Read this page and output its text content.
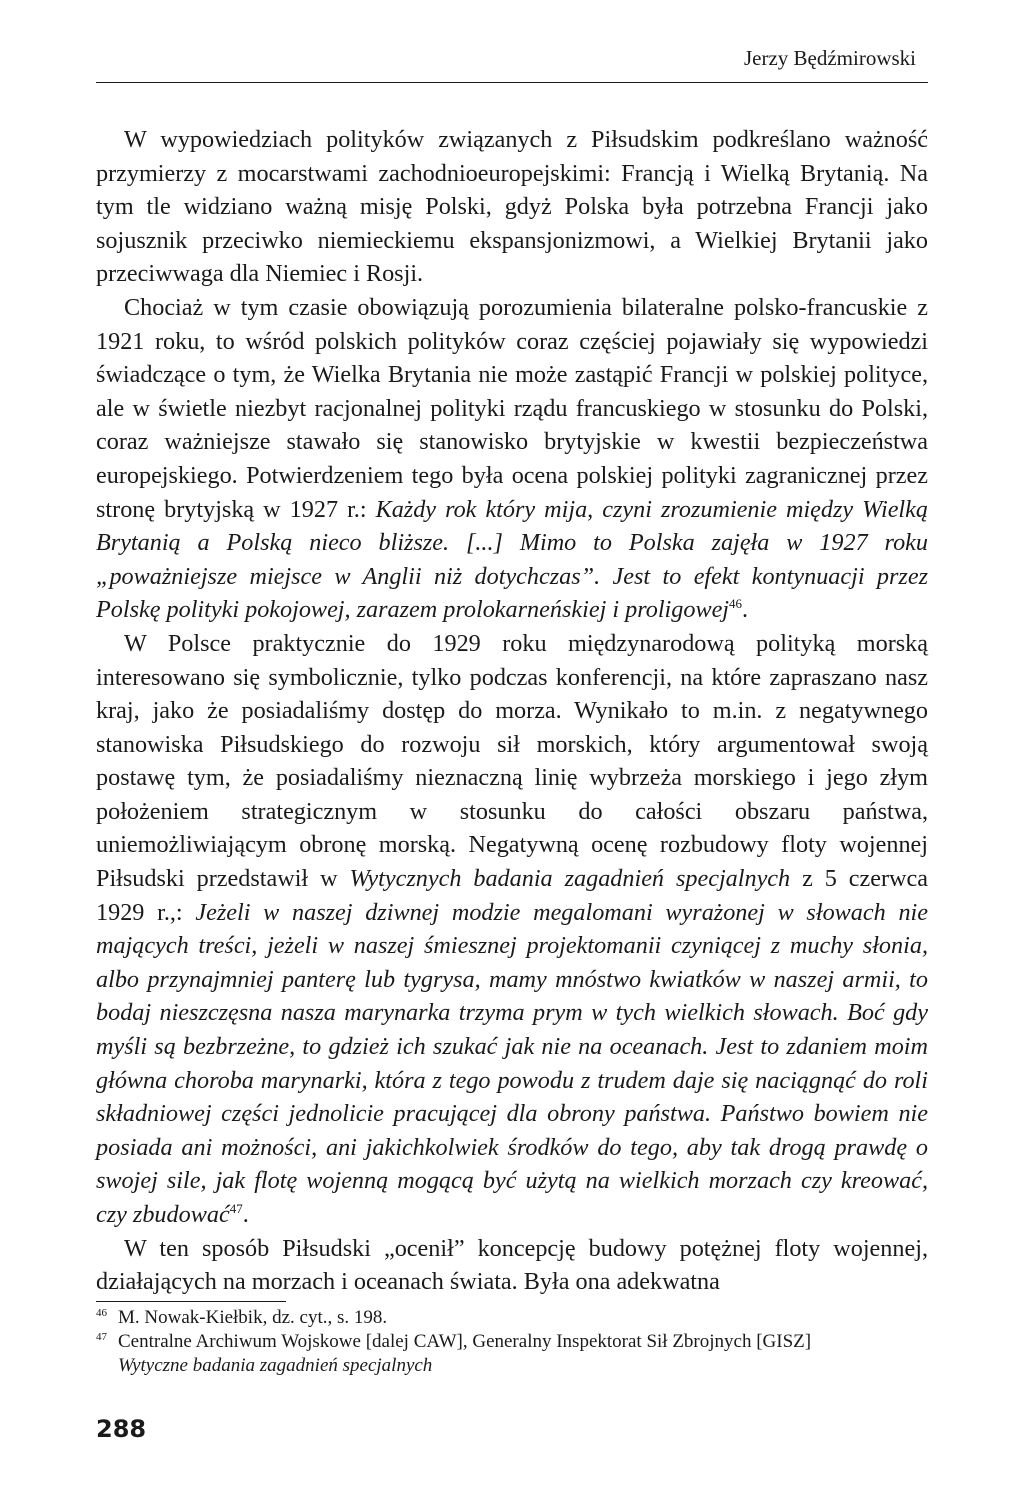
Jerzy Będźmirowski

W wypowiedziach polityków związanych z Piłsudskim podkreślano ważność przymierzy z mocarstwami zachodnioeuropejskimi: Francją i Wielką Brytanią. Na tym tle widziano ważną misję Polski, gdyż Polska była potrzebna Francji jako sojusznik przeciwko niemieckiemu ekspansjonizmowi, a Wielkiej Brytanii jako przeciwwaga dla Niemiec i Rosji.

Chociaż w tym czasie obowiązują porozumienia bilateralne polsko-francuskie z 1921 roku, to wśród polskich polityków coraz częściej pojawiały się wypowiedzi świadczące o tym, że Wielka Brytania nie może zastąpić Francji w polskiej polityce, ale w świetle niezbyt racjonalnej polityki rządu francuskiego w stosunku do Polski, coraz ważniejsze stawało się stanowisko brytyjskie w kwestii bezpieczeństwa europejskiego. Potwierdzeniem tego była ocena polskiej polityki zagranicznej przez stronę brytyjską w 1927 r.: Każdy rok który mija, czyni zrozumienie między Wielką Brytanią a Polską nieco bliższe. [...] Mimo to Polska zajęła w 1927 roku „poważniejsze miejsce w Anglii niż dotychczas”. Jest to efekt kontynuacji przez Polskę polityki pokojowej, zarazem prolokarneńskiej i proligowej$^{46}$.

W Polsce praktycznie do 1929 roku międzynarodową polityką morską interesowano się symbolicznie, tylko podczas konferencji, na które zapraszano nasz kraj, jako że posiadaliśmy dostęp do morza. Wynikało to m.in. z negatywnego stanowiska Piłsudskiego do rozwoju sił morskich, który argumentował swoją postawę tym, że posiadaliśmy nieznaczną linię wybrzeża morskiego i jego złym położeniem strategicznym w stosunku do całości obszaru państwa, uniemożliwiającym obronę morską. Negatywną ocenę rozbudowy floty wojennej Piłsudski przedstawił w Wytycznych badania zagadnień specjalnych z 5 czerwca 1929 r.,: Jeżeli w naszej dziwnej modzie megalomani wyrażonej w słowach nie mających treści, jeżeli w naszej śmiesznej projektomanii czyniącej z muchy słonia, albo przynajmniej panterę lub tygrysa, mamy mnóstwo kwiatków w naszej armii, to bodaj nieszczęsna nasza marynarka trzyma prym w tych wielkich słowach. Boć gdy myśli są bezbrzeżne, to gdzież ich szukać jak nie na oceanach. Jest to zdaniem moim główna choroba marynarki, która z tego powodu z trudem daje się naciągnąć do roli składniowej części jednolicie pracującej dla obrony państwa. Państwo bowiem nie posiada ani możności, ani jakichkolwiek środków do tego, aby tak drogą prawdę o swojej sile, jak flotę wojenną mogącą być użytą na wielkich morzach czy kreować, czy zbudować$^{47}$.

W ten sposób Piłsudski „ocenił” koncepcję budowy potężnej floty wojennej, działających na morzach i oceanach świata. Była ona adekwatna

$^{46}$ M. Nowak-Kiełbik, dz. cyt., s. 198.

$^{47}$ Centralne Archiwum Wojskowe [dalej CAW], Generalny Inspektorat Sił Zbrojnych [GISZ]
Wytyczne badania zagadnień specjalnych

288
